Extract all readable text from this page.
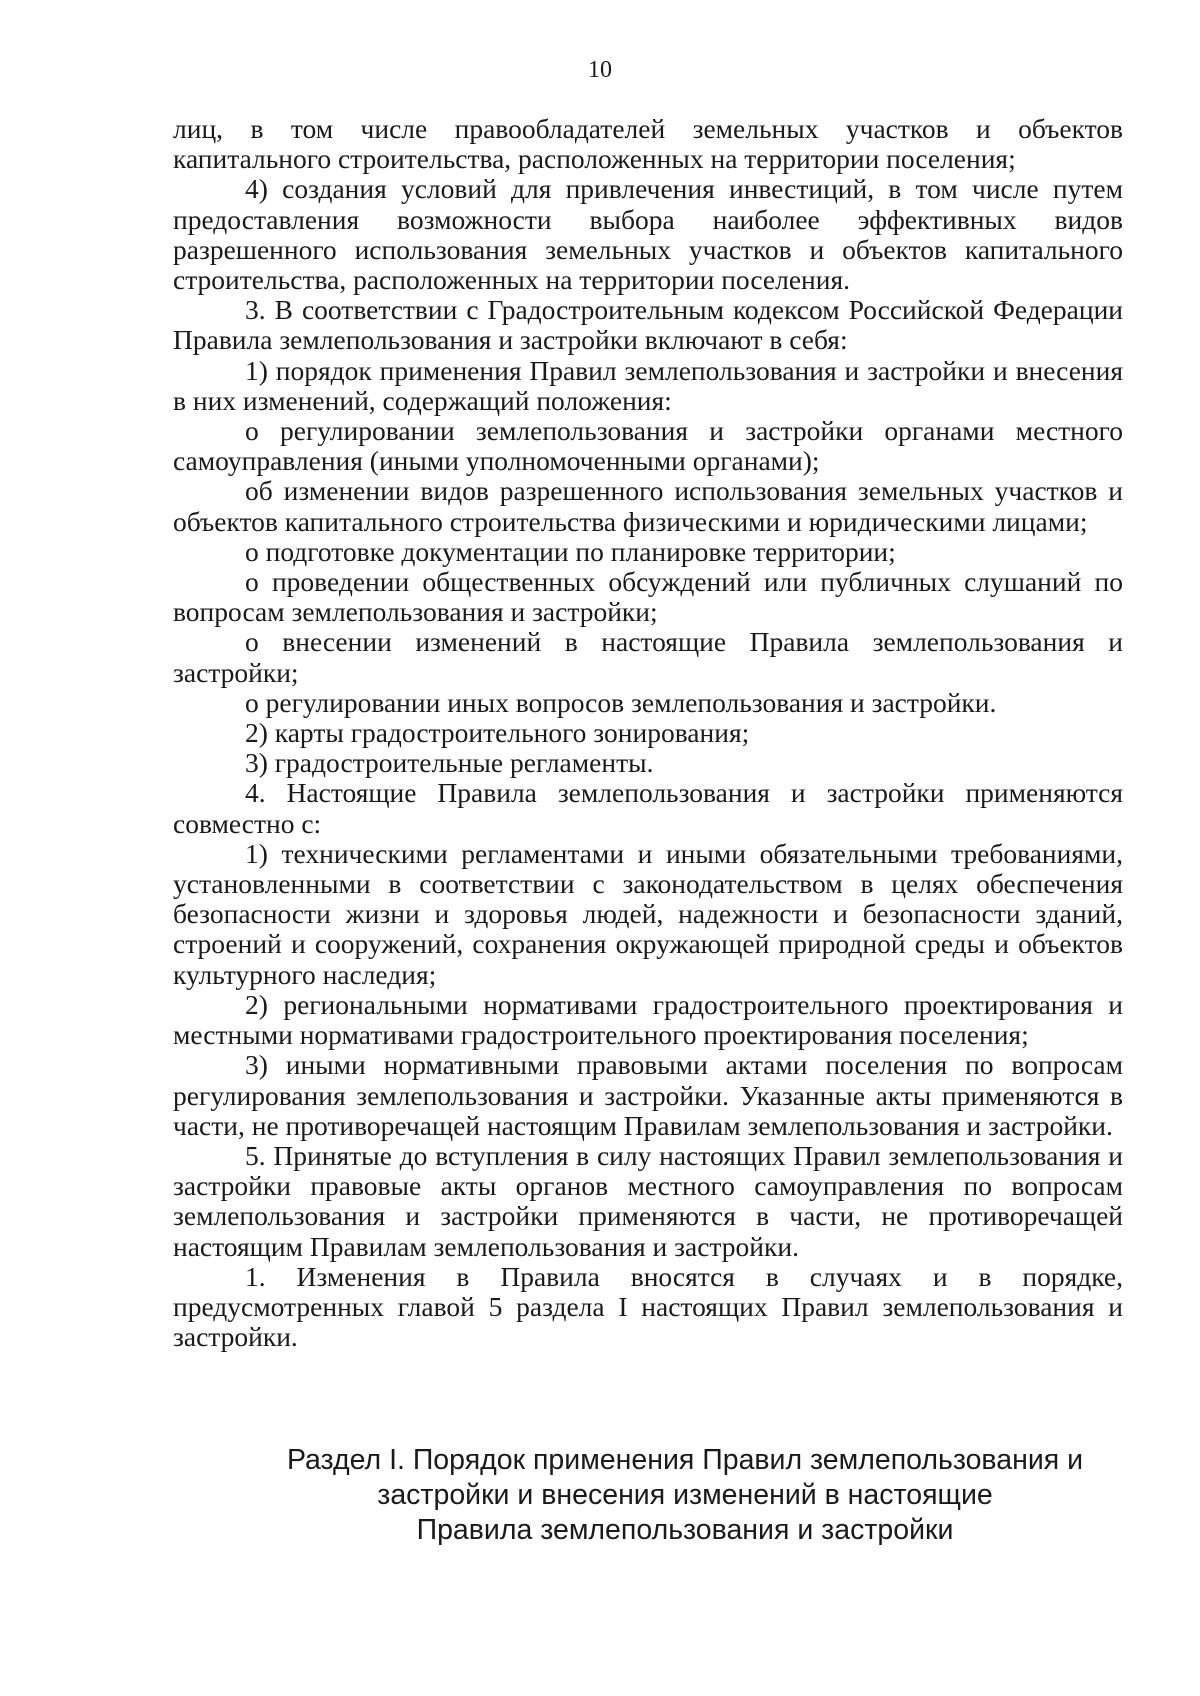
10

лиц, в том числе правообладателей земельных участков и объектов капитального строительства, расположенных на территории поселения;

4) создания условий для привлечения инвестиций, в том числе путем предоставления возможности выбора наиболее эффективных видов разрешенного использования земельных участков и объектов капитального строительства, расположенных на территории поселения.

3. В соответствии с Градостроительным кодексом Российской Федерации Правила землепользования и застройки включают в себя:

1) порядок применения Правил землепользования и застройки и внесения в них изменений, содержащий положения:

о регулировании землепользования и застройки органами местного самоуправления (иными уполномоченными органами);

об изменении видов разрешенного использования земельных участков и объектов капитального строительства физическими и юридическими лицами;

о подготовке документации по планировке территории;

о проведении общественных обсуждений или публичных слушаний по вопросам землепользования и застройки;

о внесении изменений в настоящие Правила землепользования и застройки;

о регулировании иных вопросов землепользования и застройки.

2) карты градостроительного зонирования;

3) градостроительные регламенты.

4. Настоящие Правила землепользования и застройки применяются совместно с:

1) техническими регламентами и иными обязательными требованиями, установленными в соответствии с законодательством в целях обеспечения безопасности жизни и здоровья людей, надежности и безопасности зданий, строений и сооружений, сохранения окружающей природной среды и объектов культурного наследия;

2) региональными нормативами градостроительного проектирования и местными нормативами градостроительного проектирования поселения;

3) иными нормативными правовыми актами поселения по вопросам регулирования землепользования и застройки. Указанные акты применяются в части, не противоречащей настоящим Правилам землепользования и застройки.

5. Принятые до вступления в силу настоящих Правил землепользования и застройки правовые акты органов местного самоуправления по вопросам землепользования и застройки применяются в части, не противоречащей настоящим Правилам землепользования и застройки.

1. Изменения в Правила вносятся в случаях и в порядке, предусмотренных главой 5 раздела I настоящих Правил землепользования и застройки.

Раздел I. Порядок применения Правил землепользования и
застройки и внесения изменений в настоящие
Правила землепользования и застройки
